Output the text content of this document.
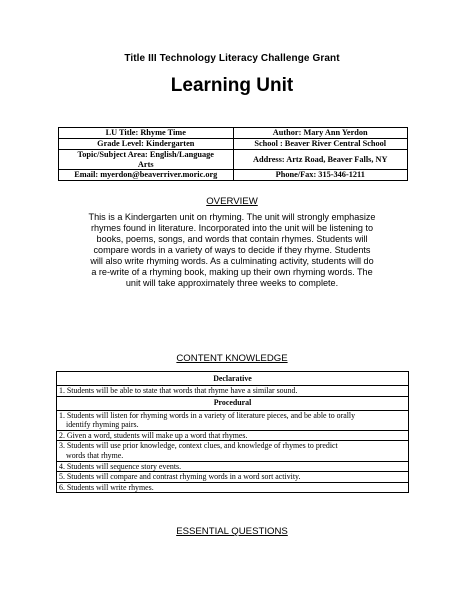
Title III Technology Literacy Challenge Grant
Learning Unit
LU Title: Rhyme Time	Author: Mary Ann Yerdon
Grade Level: Kindergarten	School : Beaver River Central School

Topic/Subject Area: English/Language
Arts	Address: Artz Road, Beaver Falls, NY
Email: myerdon@beaverriver.moric.org	Phone/Fax: 315-346-1211
OVERVIEW
This is a Kindergarten unit on rhyming. The unit will strongly emphasize
rhymes found in literature. Incorporated into the unit will be listening to
books, poems, songs, and words that contain rhymes. Students will
compare words in a variety of ways to decide if they rhyme. Students
will also write rhyming words. As a culminating activity, students will do
a re-write of a rhyming book, making up their own rhyming words. The
unit will take approximately three weeks to complete.
CONTENT KNOWLEDGE
Declarative
1. Students will be able to state that words that rhyme have a similar sound.
Procedural

1. Students will listen for rhyming words in a variety of literature pieces, and be able to orally
identify rhyming pairs.

2. Given a word, students will make up a word that rhymes.

3. Students will use prior knowledge, context clues, and knowledge of rhymes to predict
words that rhyme.

4. Students will sequence story events.
5. Students will compare and contrast rhyming words in a word sort activity.
6. Students will write rhymes.
ESSENTIAL QUESTIONS
